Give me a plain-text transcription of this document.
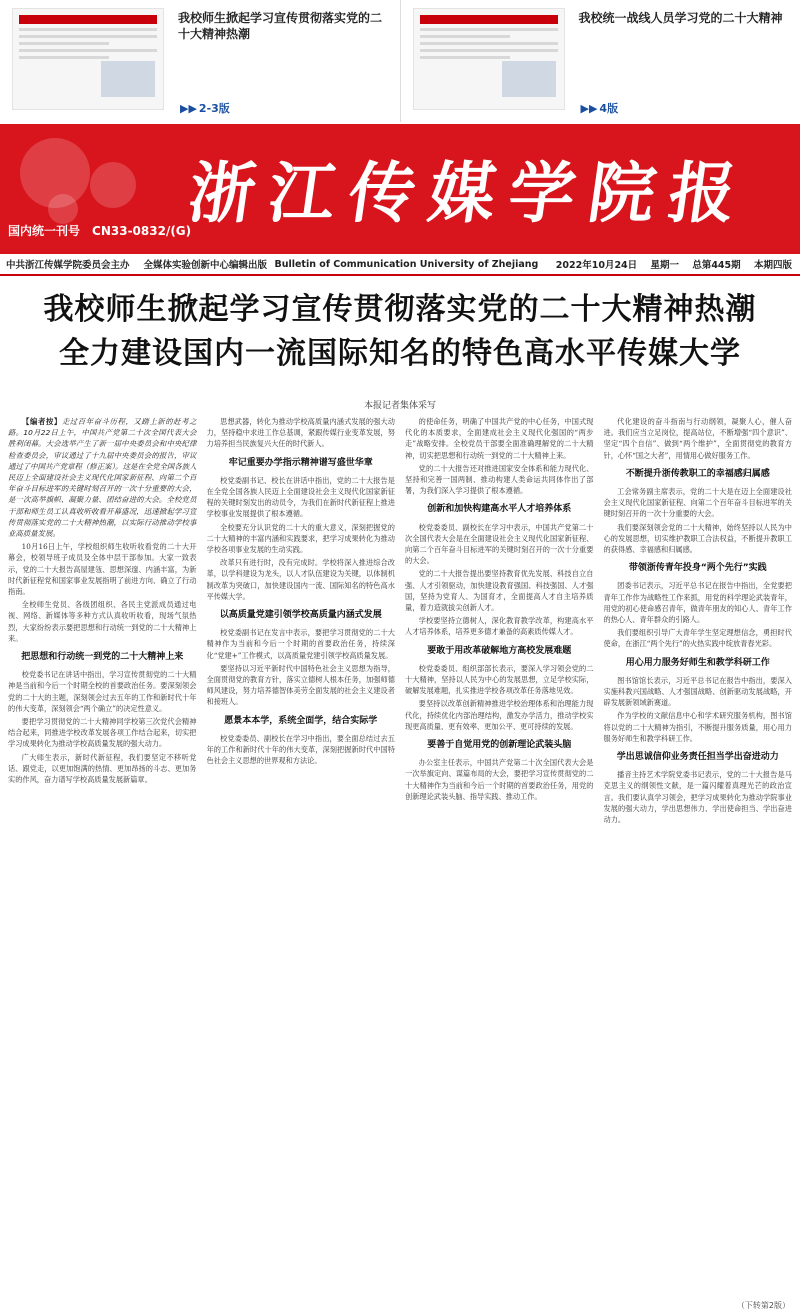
我校师生掀起学习宣传贯彻落实党的二十大精神热潮
▶▶ 2-3版
我校统一战线人员学习党的二十大精神
▶▶ 4版
浙江传媒学院报
国内统一刊号 CN33-0832/(G)
中共浙江传媒学院委员会主办 全媒体实验创新中心编辑出版 Bulletin of Communication University of Zhejiang	2022年10月24日 星期一 总第445期 本期四版
我校师生掀起学习宣传贯彻落实党的二十大精神热潮
全力建设国内一流国际知名的特色高水平传媒大学
本报记者集体采写

【编者按】走过百年奋斗历程，又踏上新的赶考之路。10月22日上午，中国共产党第二十次全国代表大会胜利闭幕。大会选举产生了新一届中央委员会和中央纪律检查委员会，审议通过了十九届中央委员会的报告，审议通过了中国共产党章程（修正案）。这是在全党全国各族人民迈上全面建设社会主义现代化国家新征程、向第二个百年奋斗目标进军的关键时刻召开的一次十分重要的大会，是一次高举旗帜、凝聚力量、团结奋进的大会。全校党员干部和师生员工认真收听收看开幕盛况，迅速掀起学习宣传贯彻落实党的二十大精神热潮，以实际行动推动学校事业高质量发展。

10月16日上午，学校组织师生收听收看党的二十大开幕会，校领导班子成员及全体中层干部参加。大家一致表示，党的二十大报告高屋建瓴、思想深邃、内涵丰富，为新时代新征程党和国家事业发展指明了前进方向、确立了行动指南。

全校师生党员、各级团组织、各民主党派成员通过电视、网络、新媒体等多种方式认真收听收看，现场气氛热烈，大家纷纷表示要把思想和行动统一到党的二十大精神上来。

把思想和行动统一到党的二十大精神上来

校党委书记在讲话中指出，学习宣传贯彻党的二十大精神是当前和今后一个时期全校的首要政治任务。要深刻领会党的二十大的主题，深刻领会过去五年的工作和新时代十年的伟大变革，深刻领会“两个确立”的决定性意义。

要把学习贯彻党的二十大精神同学校第三次党代会精神结合起来，同推进学校改革发展各项工作结合起来，切实把学习成果转化为推动学校高质量发展的强大动力。

广大师生表示，新时代新征程，我们要坚定不移听党话、跟党走，以更加饱满的热情、更加昂扬的斗志、更加务实的作风，奋力谱写学校高质量发展新篇章。

思想武器，转化为推动学校高质量内涵式发展的强大动力，坚持稳中求进工作总基调，紧跟传媒行业变革发展，努力培养担当民族复兴大任的时代新人。

牢记重要办学指示精神谱写盛世华章

校党委副书记、校长在讲话中指出，党的二十大报告是在全党全国各族人民迈上全面建设社会主义现代化国家新征程的关键时刻发出的动员令，为我们在新时代新征程上推进学校事业发展提供了根本遵循。

全校要充分认识党的二十大的重大意义，深刻把握党的二十大精神的丰富内涵和实践要求，把学习成果转化为推动学校各项事业发展的生动实践。

改革只有进行时，没有完成时。学校将深入推进综合改革，以学科建设为龙头，以人才队伍建设为关键，以体制机制改革为突破口，加快建设国内一流、国际知名的特色高水平传媒大学。

以高质量党建引领学校高质量内涵式发展

校党委副书记在发言中表示，要把学习贯彻党的二十大精神作为当前和今后一个时期的首要政治任务，持续深化“党建+”工作模式，以高质量党建引领学校高质量发展。

要坚持以习近平新时代中国特色社会主义思想为指导，全面贯彻党的教育方针，落实立德树人根本任务，加强师德师风建设，努力培养德智体美劳全面发展的社会主义建设者和接班人。

愿景本本学，系统全面学，结合实际学

校党委委员、副校长在学习中指出，要全面总结过去五年的工作和新时代十年的伟大变革，深刻把握新时代中国特色社会主义思想的世界观和方法论。

的使命任务，明确了中国共产党的中心任务，中国式现代化的本质要求，全面建成社会主义现代化强国的“两步走”战略安排。全校党员干部要全面准确理解党的二十大精神，切实把思想和行动统一到党的二十大精神上来。

党的二十大报告还对推进国家安全体系和能力现代化、坚持和完善一国两制、推动构建人类命运共同体作出了部署，为我们深入学习提供了根本遵循。

创新和加快构建高水平人才培养体系

校党委委员、副校长在学习中表示，中国共产党第二十次全国代表大会是在全面建设社会主义现代化国家新征程、向第二个百年奋斗目标进军的关键时刻召开的一次十分重要的大会。

党的二十大报告提出要坚持教育优先发展、科技自立自强、人才引领驱动，加快建设教育强国、科技强国、人才强国，坚持为党育人、为国育才，全面提高人才自主培养质量，着力造就拔尖创新人才。

学校要坚持立德树人，深化教育教学改革，构建高水平人才培养体系，培养更多德才兼备的高素质传媒人才。

要敢于用改革破解地方高校发展难题

校党委委员、组织部部长表示，要深入学习领会党的二十大精神，坚持以人民为中心的发展思想，立足学校实际，破解发展难题，扎实推进学校各项改革任务落地见效。

要坚持以改革创新精神推进学校治理体系和治理能力现代化，持续优化内部治理结构，激发办学活力，推动学校实现更高质量、更有效率、更加公平、更可持续的发展。

要善于自觉用党的创新理论武装头脑

办公室主任表示，中国共产党第二十次全国代表大会是一次举旗定向、谋篇布局的大会，要把学习宣传贯彻党的二十大精神作为当前和今后一个时期的首要政治任务，用党的创新理论武装头脑、指导实践、推动工作。

代化建设的奋斗指南与行动纲领，凝聚人心，催人奋进。我们应当立足岗位，提高站位，不断增强“四个意识”、坚定“四个自信”、做到“两个维护”，全面贯彻党的教育方针，心怀“国之大者”，用情用心做好服务工作。

不断提升浙传教职工的幸福感归属感

工会常务副主席表示，党的二十大是在迈上全面建设社会主义现代化国家新征程、向第二个百年奋斗目标进军的关键时刻召开的一次十分重要的大会。

我们要深刻领会党的二十大精神，始终坚持以人民为中心的发展思想，切实维护教职工合法权益，不断提升教职工的获得感、幸福感和归属感。

带领浙传青年投身“两个先行”实践

团委书记表示，习近平总书记在报告中指出，全党要把青年工作作为战略性工作来抓，用党的科学理论武装青年，用党的初心使命感召青年，做青年朋友的知心人、青年工作的热心人、青年群众的引路人。

我们要组织引导广大青年学生坚定理想信念，勇担时代使命，在浙江“两个先行”的火热实践中绽放青春光彩。

用心用力服务好师生和教学科研工作

图书馆馆长表示，习近平总书记在报告中指出，要深入实施科教兴国战略、人才强国战略、创新驱动发展战略，开辟发展新领域新赛道。

作为学校的文献信息中心和学术研究服务机构，图书馆将以党的二十大精神为指引，不断提升服务质量，用心用力服务好师生和教学科研工作。

学出思诚信仰业务责任担当学出奋进动力

播音主持艺术学院党委书记表示，党的二十大报告是马克思主义的纲领性文献，是一篇闪耀着真理光芒的政治宣言。我们要认真学习领会，把学习成果转化为推动学院事业发展的强大动力，学出思想伟力、学出使命担当、学出奋进动力。

（下转第2版）
